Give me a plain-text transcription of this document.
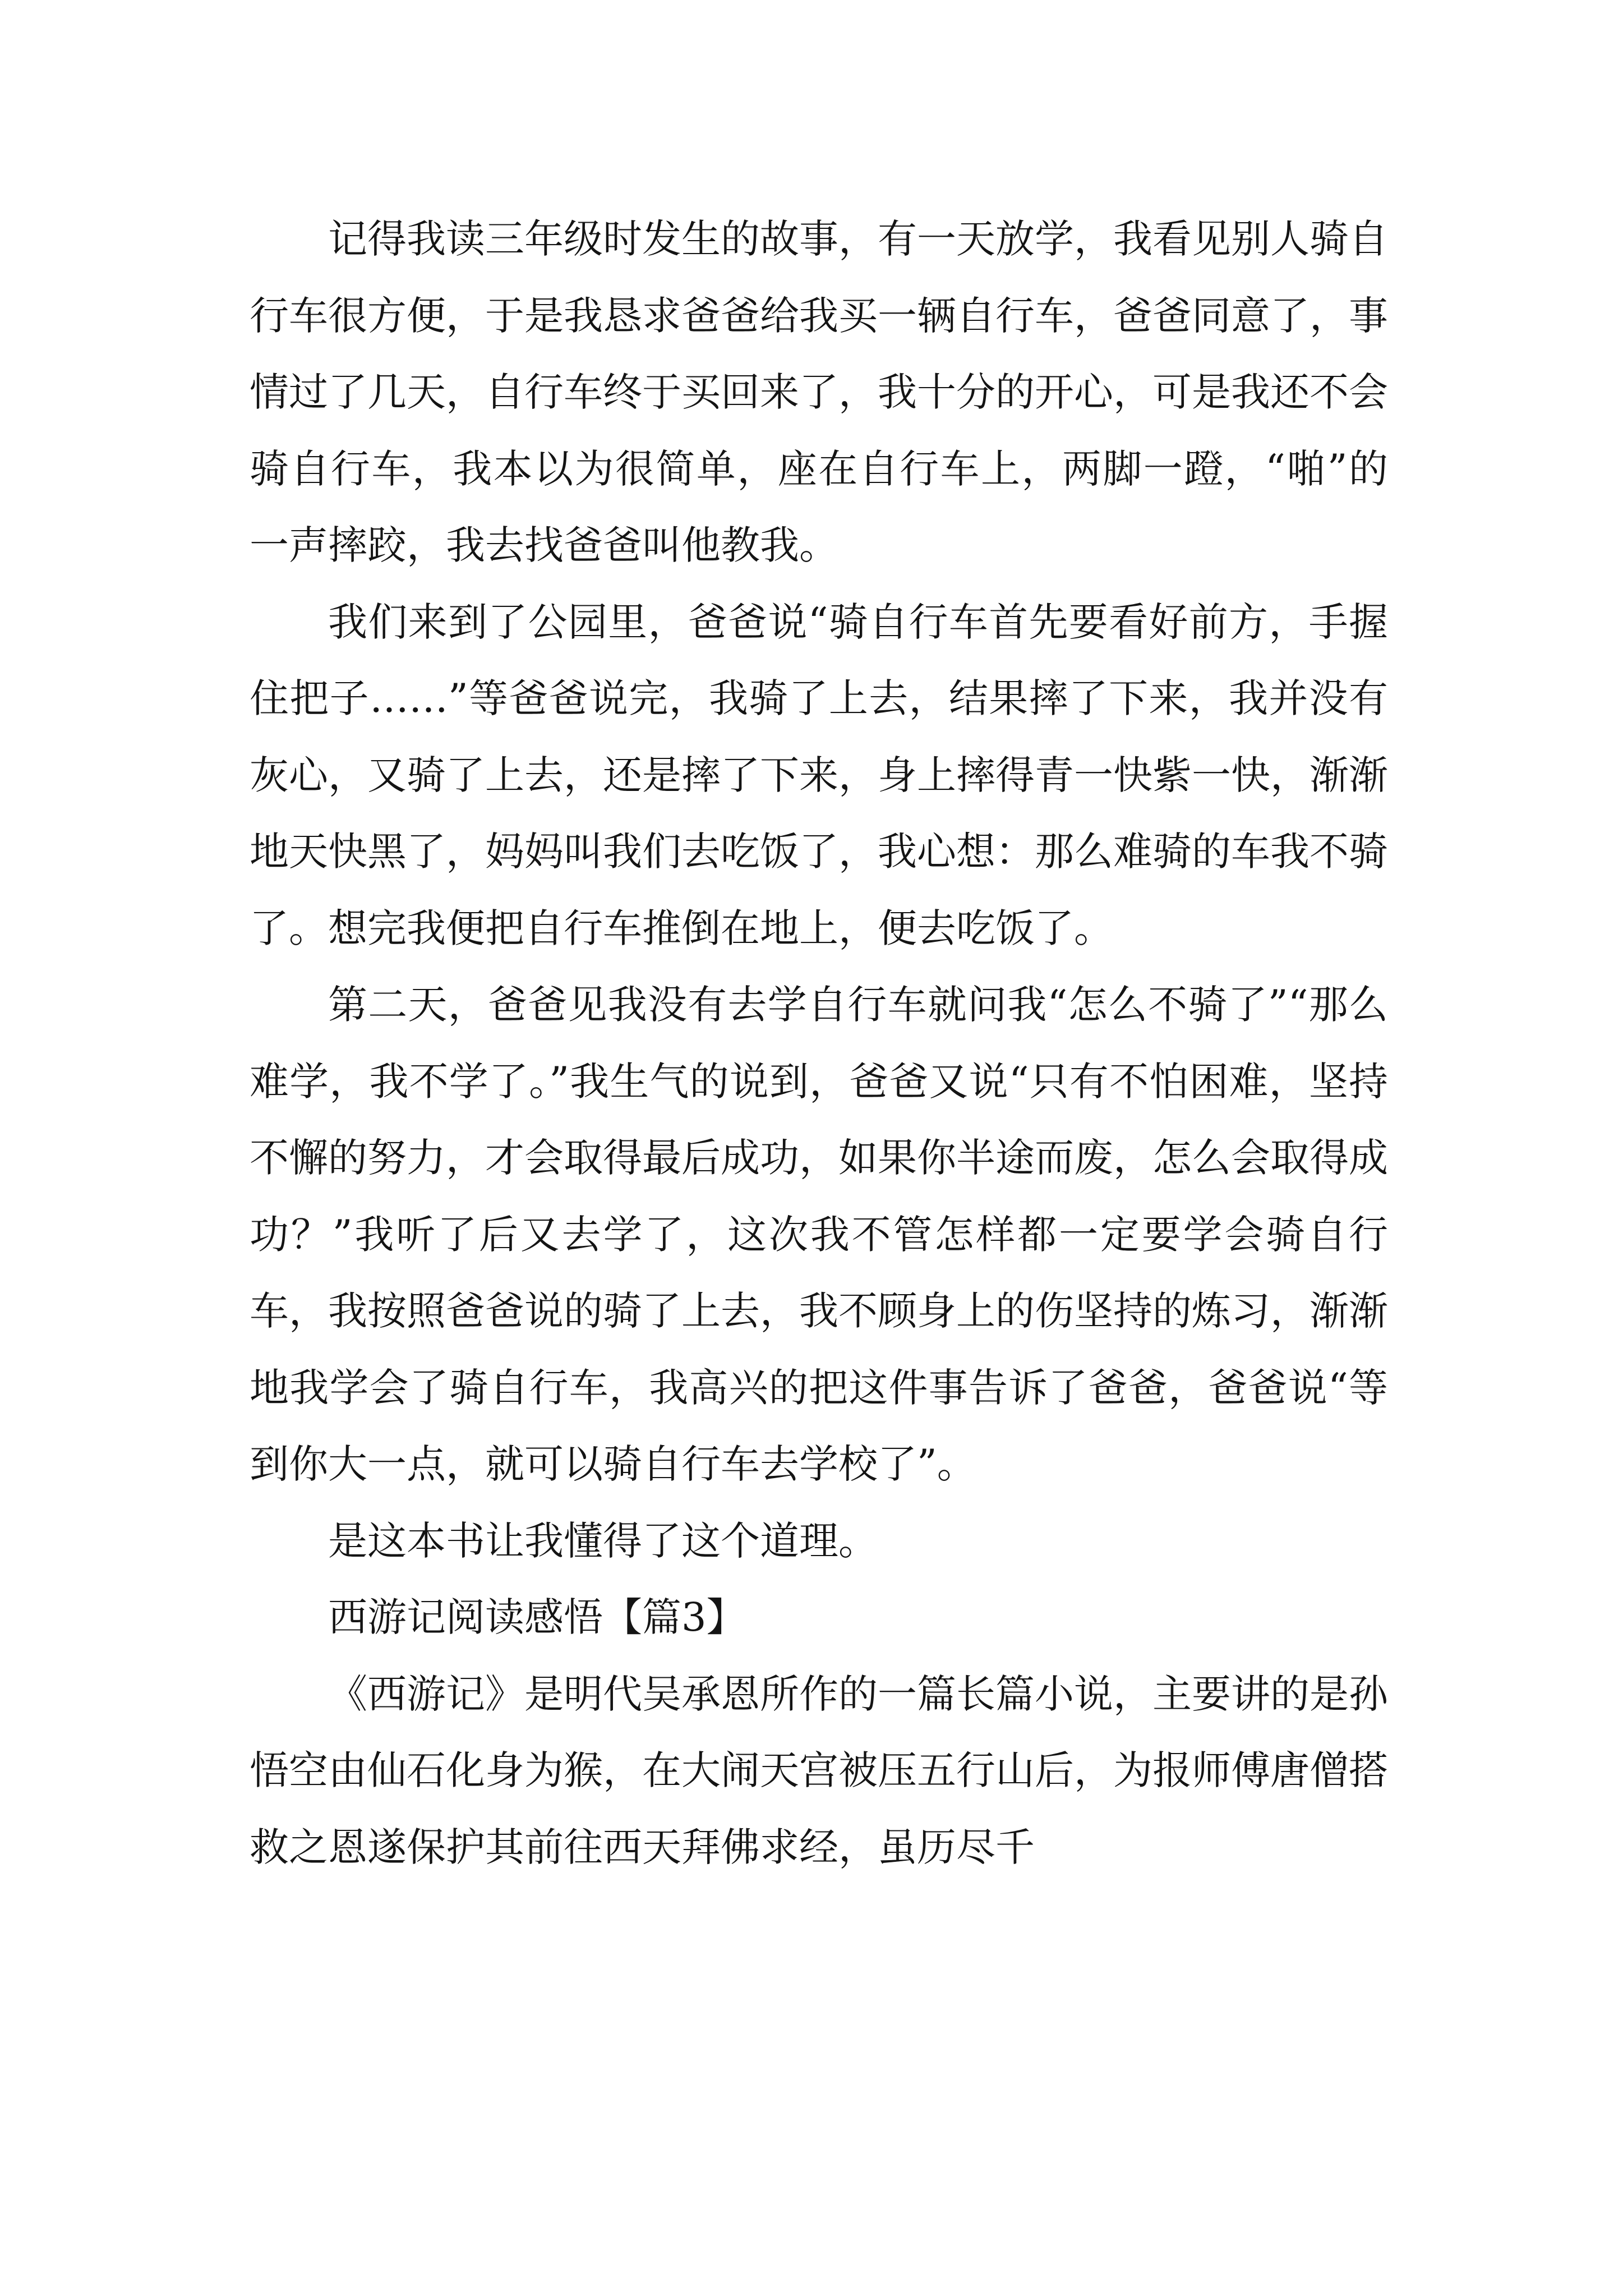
记得我读三年级时发生的故事，有一天放学，我看见别人骑自行车很方便，于是我恳求爸爸给我买一辆自行车，爸爸同意了，事情过了几天，自行车终于买回来了，我十分的开心，可是我还不会骑自行车，我本以为很简单，座在自行车上，两脚一蹬，“啪”的一声摔跤，我去找爸爸叫他教我。

我们来到了公园里，爸爸说“骑自行车首先要看好前方，手握住把子……”等爸爸说完，我骑了上去，结果摔了下来，我并没有灰心，又骑了上去，还是摔了下来，身上摔得青一快紫一快，渐渐地天快黑了，妈妈叫我们去吃饭了，我心想：那么难骑的车我不骑了。想完我便把自行车推倒在地上，便去吃饭了。

第二天，爸爸见我没有去学自行车就问我“怎么不骑了”“那么难学，我不学了。”我生气的说到，爸爸又说“只有不怕困难，坚持不懈的努力，才会取得最后成功，如果你半途而废，怎么会取得成功？”我听了后又去学了，这次我不管怎样都一定要学会骑自行车，我按照爸爸说的骑了上去，我不顾身上的伤坚持的炼习，渐渐地我学会了骑自行车，我高兴的把这件事告诉了爸爸，爸爸说“等到你大一点，就可以骑自行车去学校了”。

是这本书让我懂得了这个道理。

西游记阅读感悟【篇3】

《西游记》是明代吴承恩所作的一篇长篇小说，主要讲的是孙悟空由仙石化身为猴，在大闹天宫被压五行山后，为报师傅唐僧搭救之恩遂保护其前往西天拜佛求经，虽历尽千
